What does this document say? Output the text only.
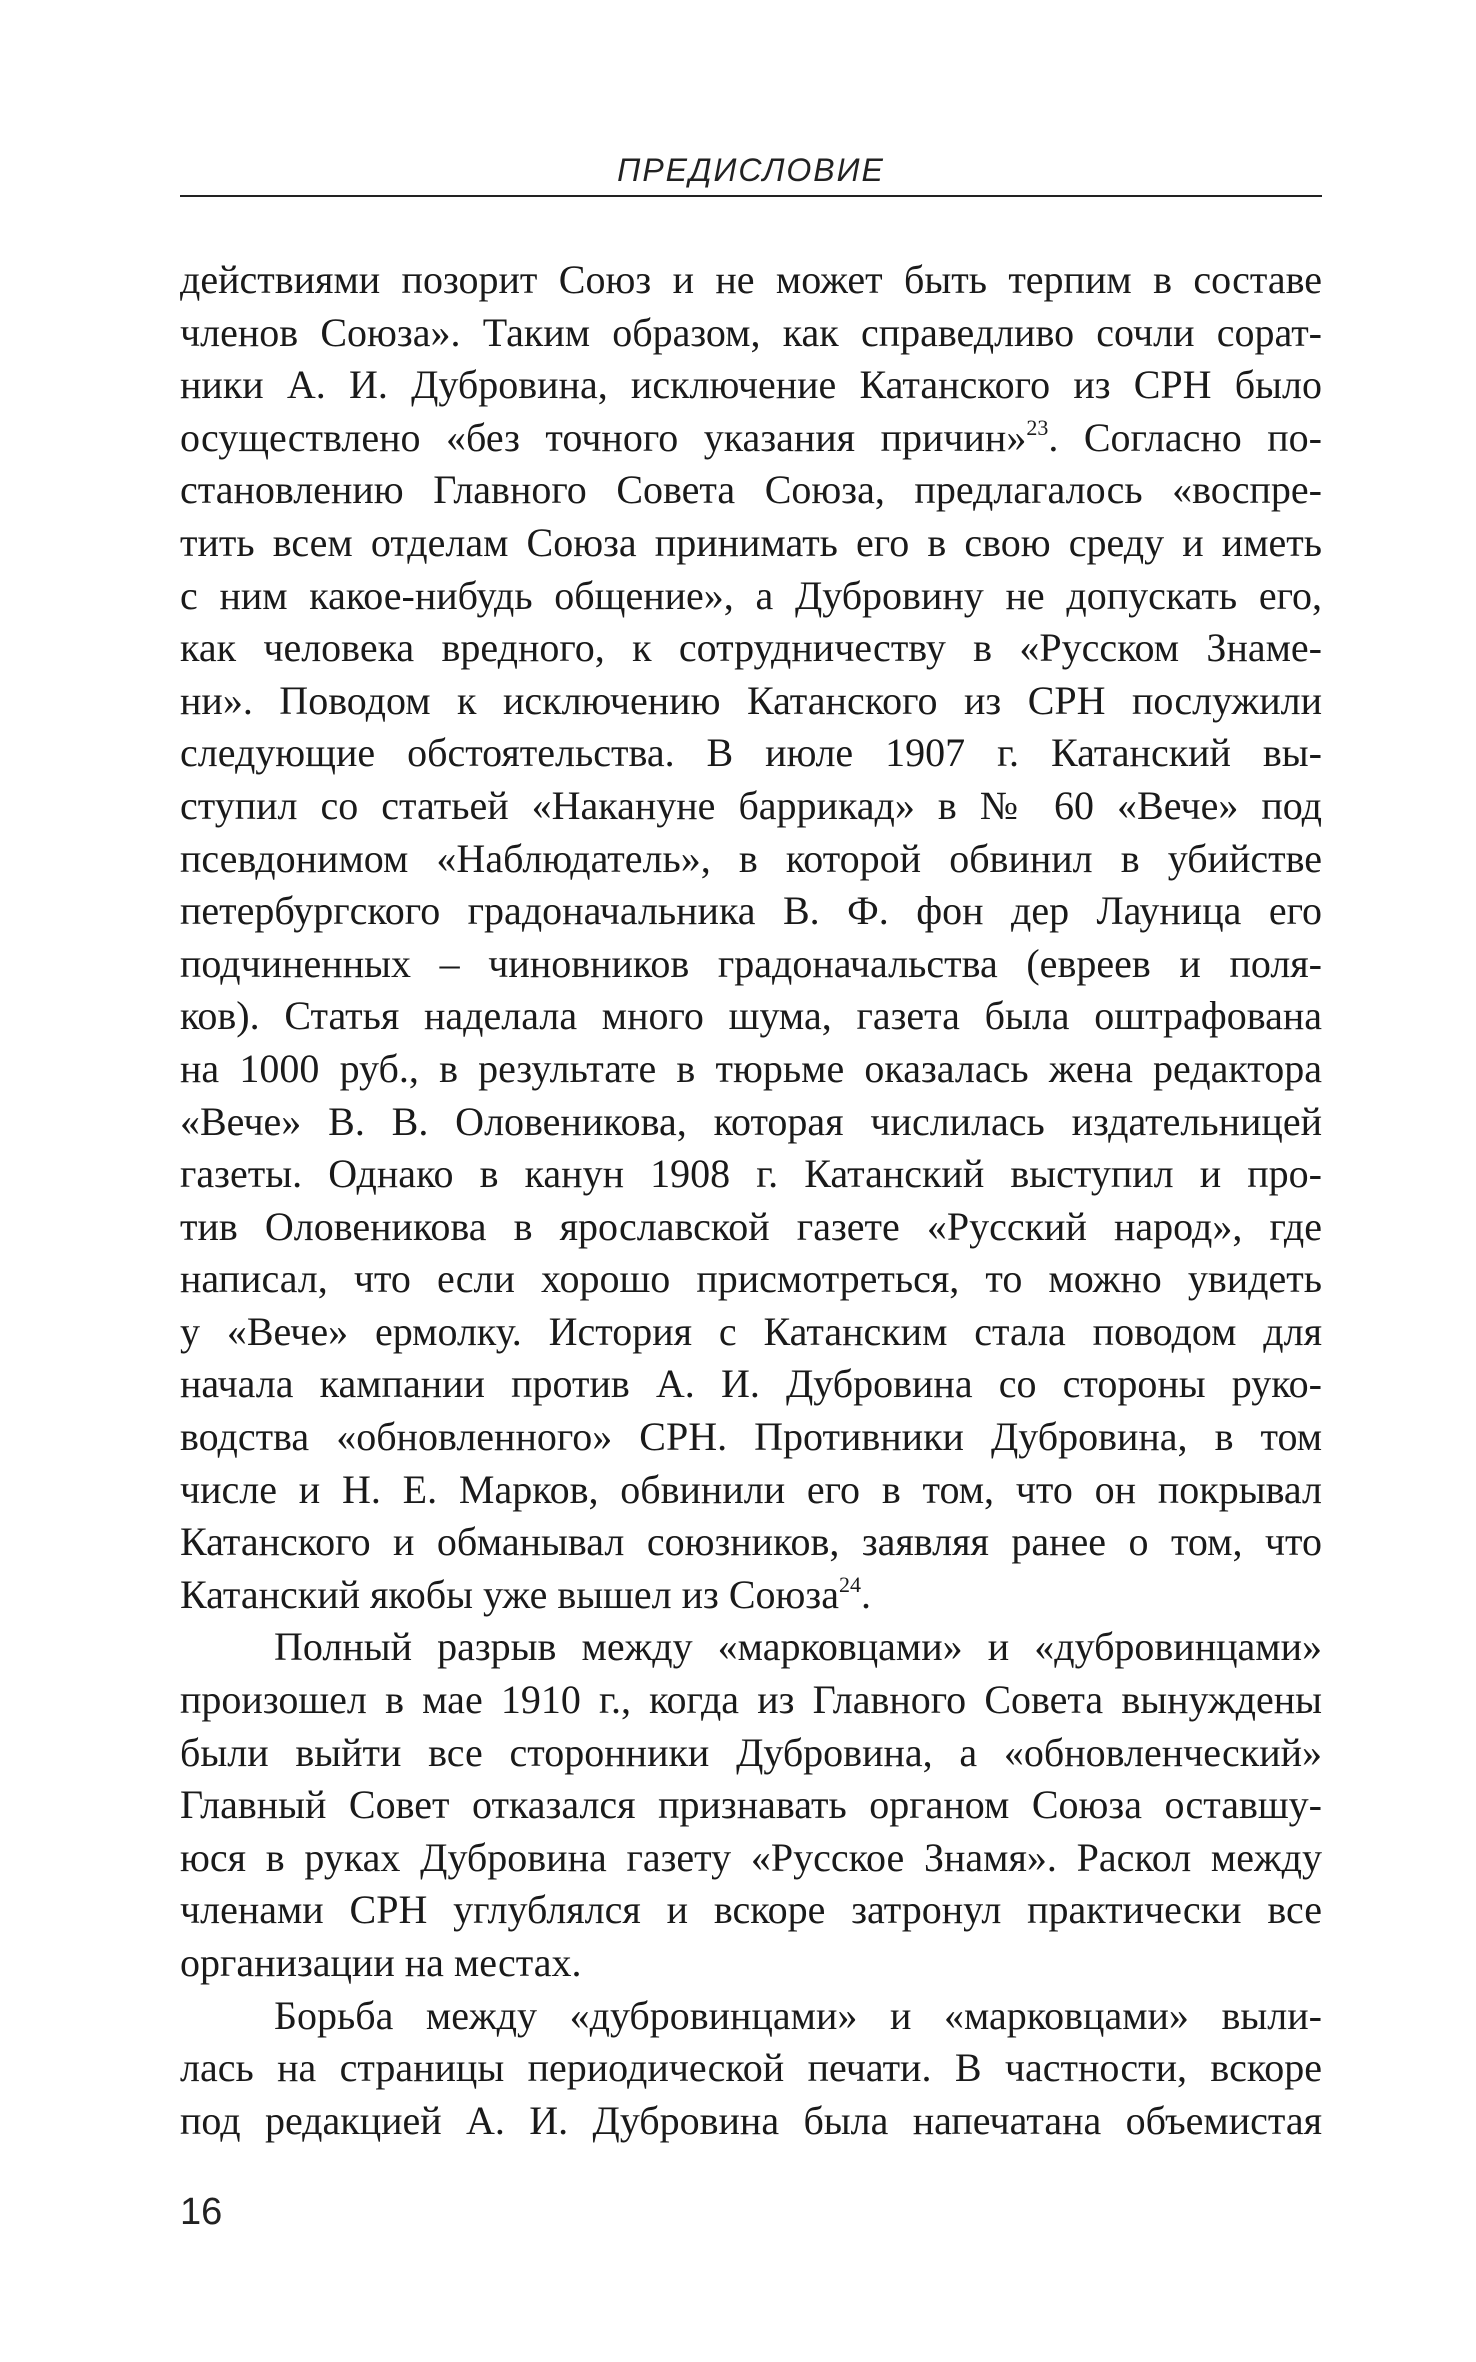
ПРЕДИСЛОВИЕ

действиями позорит Союз и не может быть терпим в составе
членов Союза». Таким образом, как справедливо сочли сорат-
ники А. И. Дубровина, исключение Катанского из СРН было
осуществлено «без точного указания причин»$^{23}$. Согласно по-
становлению Главного Совета Союза, предлагалось «воспре-
тить всем отделам Союза принимать его в свою среду и иметь
с ним какое-нибудь общение», а Дубровину не допускать его,
как человека вредного, к сотрудничеству в «Русском Знаме-
ни». Поводом к исключению Катанского из СРН послужили
следующие обстоятельства. В июле 1907 г. Катанский вы-
ступил со статьей «Накануне баррикад» в № 60 «Вече» под
псевдонимом «Наблюдатель», в которой обвинил в убийстве
петербургского градоначальника В. Ф. фон дер Лауница его
подчиненных – чиновников градоначальства (евреев и поля-
ков). Статья наделала много шума, газета была оштрафована
на 1000 руб., в результате в тюрьме оказалась жена редактора
«Вече» В. В. Оловеникова, которая числилась издательницей
газеты. Однако в канун 1908 г. Катанский выступил и про-
тив Оловеникова в ярославской газете «Русский народ», где
написал, что если хорошо присмотреться, то можно увидеть
у «Вече» ермолку. История с Катанским стала поводом для
начала кампании против А. И. Дубровина со стороны руко-
водства «обновленного» СРН. Противники Дубровина, в том
числе и Н. Е. Марков, обвинили его в том, что он покрывал
Катанского и обманывал союзников, заявляя ранее о том, что
Катанский якобы уже вышел из Союза$^{24}$.

Полный разрыв между «марковцами» и «дубровинцами»
произошел в мае 1910 г., когда из Главного Совета вынуждены
были выйти все сторонники Дубровина, а «обновленческий»
Главный Совет отказался признавать органом Союза оставшу-
юся в руках Дубровина газету «Русское Знамя». Раскол между
членами СРН углублялся и вскоре затронул практически все
организации на местах.

Борьба между «дубровинцами» и «марковцами» выли-
лась на страницы периодической печати. В частности, вскоре
под редакцией А. И. Дубровина была напечатана объемистая

16
